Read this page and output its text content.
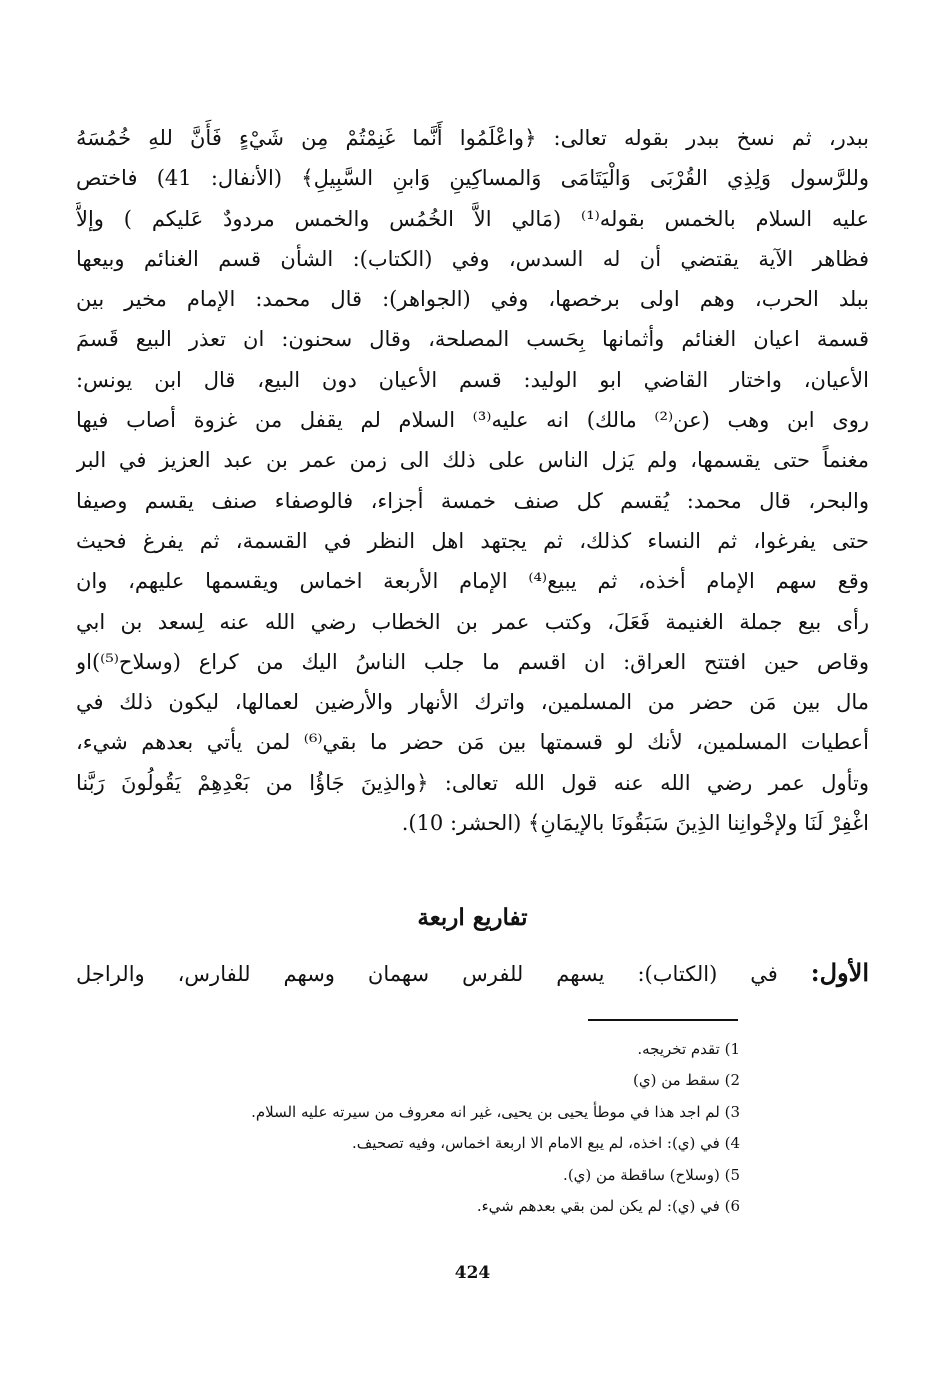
ببدر، ثم نسخ ببدر بقوله تعالى: ﴿واعْلَمُوا أَنَّما غَنِمْتُمْ مِن شَيْءٍ فَأَنَّ للهِ خُمُسَهُ
وللرَّسول وَلِذِي القُرْبَى وَالْيَتَامَى وَالمساكِينِ وَابنِ السَّبِيلِ﴾ (الأنفال: 41) فاختص
عليه السلام بالخمس بقوله⁽¹⁾ (مَالي الاَّ الخُمُس والخمس مردودٌ عَليكم ) وإلاَّ
فظاهر الآية يقتضي أن له السدس، وفي (الكتاب): الشأن قسم الغنائم وبيعها
ببلد الحرب، وهم اولى برخصها، وفي (الجواهر): قال محمد: الإمام مخير بين
قسمة اعيان الغنائم وأثمانها بِحَسب المصلحة، وقال سحنون: ان تعذر البيع قَسمَ
الأعيان، واختار القاضي ابو الوليد: قسم الأعيان دون البيع، قال ابن يونس:
روى ابن وهب (عن⁽²⁾ مالك) انه عليه⁽³⁾ السلام لم يقفل من غزوة أصاب فيها
مغنماً حتى يقسمها، ولم يَزل الناس على ذلك الى زمن عمر بن عبد العزيز في البر
والبحر، قال محمد: يُقسم كل صنف خمسة أجزاء، فالوصفاء صنف يقسم وصيفا
حتى يفرغوا، ثم النساء كذلك، ثم يجتهد اهل النظر في القسمة، ثم يفرغ فحيث
وقع سهم الإمام أخذه، ثم يبيع⁽⁴⁾ الإمام الأربعة اخماس ويقسمها عليهم، وان
رأى بيع جملة الغنيمة فَعَلَ، وكتب عمر بن الخطاب رضي الله عنه لِسعد بن ابي
وقاص حين افتتح العراق: ان اقسم ما جلب الناسُ اليك من كراع (وسلاح⁽⁵⁾)او
مال بين مَن حضر من المسلمين، واترك الأنهار والأرضين لعمالها، ليكون ذلك في
أعطيات المسلمين، لأنك لو قسمتها بين مَن حضر ما بقي⁽⁶⁾ لمن يأتي بعدهم شيء،
وتأول عمر رضي الله عنه قول الله تعالى: ﴿والذِينَ جَاؤُا من بَعْدِهِمْ يَقُولُونَ رَبَّنا
اغْفِرْ لَنَا ولإخْوانِنا الذِينَ سَبَقُونَا بالإيمَانِ﴾ (الحشر: 10).
تفاريع اربعة
الأول: في (الكتاب): يسهم للفرس سهمان وسهم للفارس، والراجل
1) تقدم تخريجه.
2) سقط من (ي)
3) لم اجد هذا في موطأ يحيى بن يحيى، غير انه معروف من سيرته عليه السلام.
4) في (ي): اخذه، لم يبع الامام الا اربعة اخماس، وفيه تصحيف.
5) (وسلاح) ساقطة من (ي).
6) في (ي): لم يكن لمن بقي بعدهم شيء.
424
